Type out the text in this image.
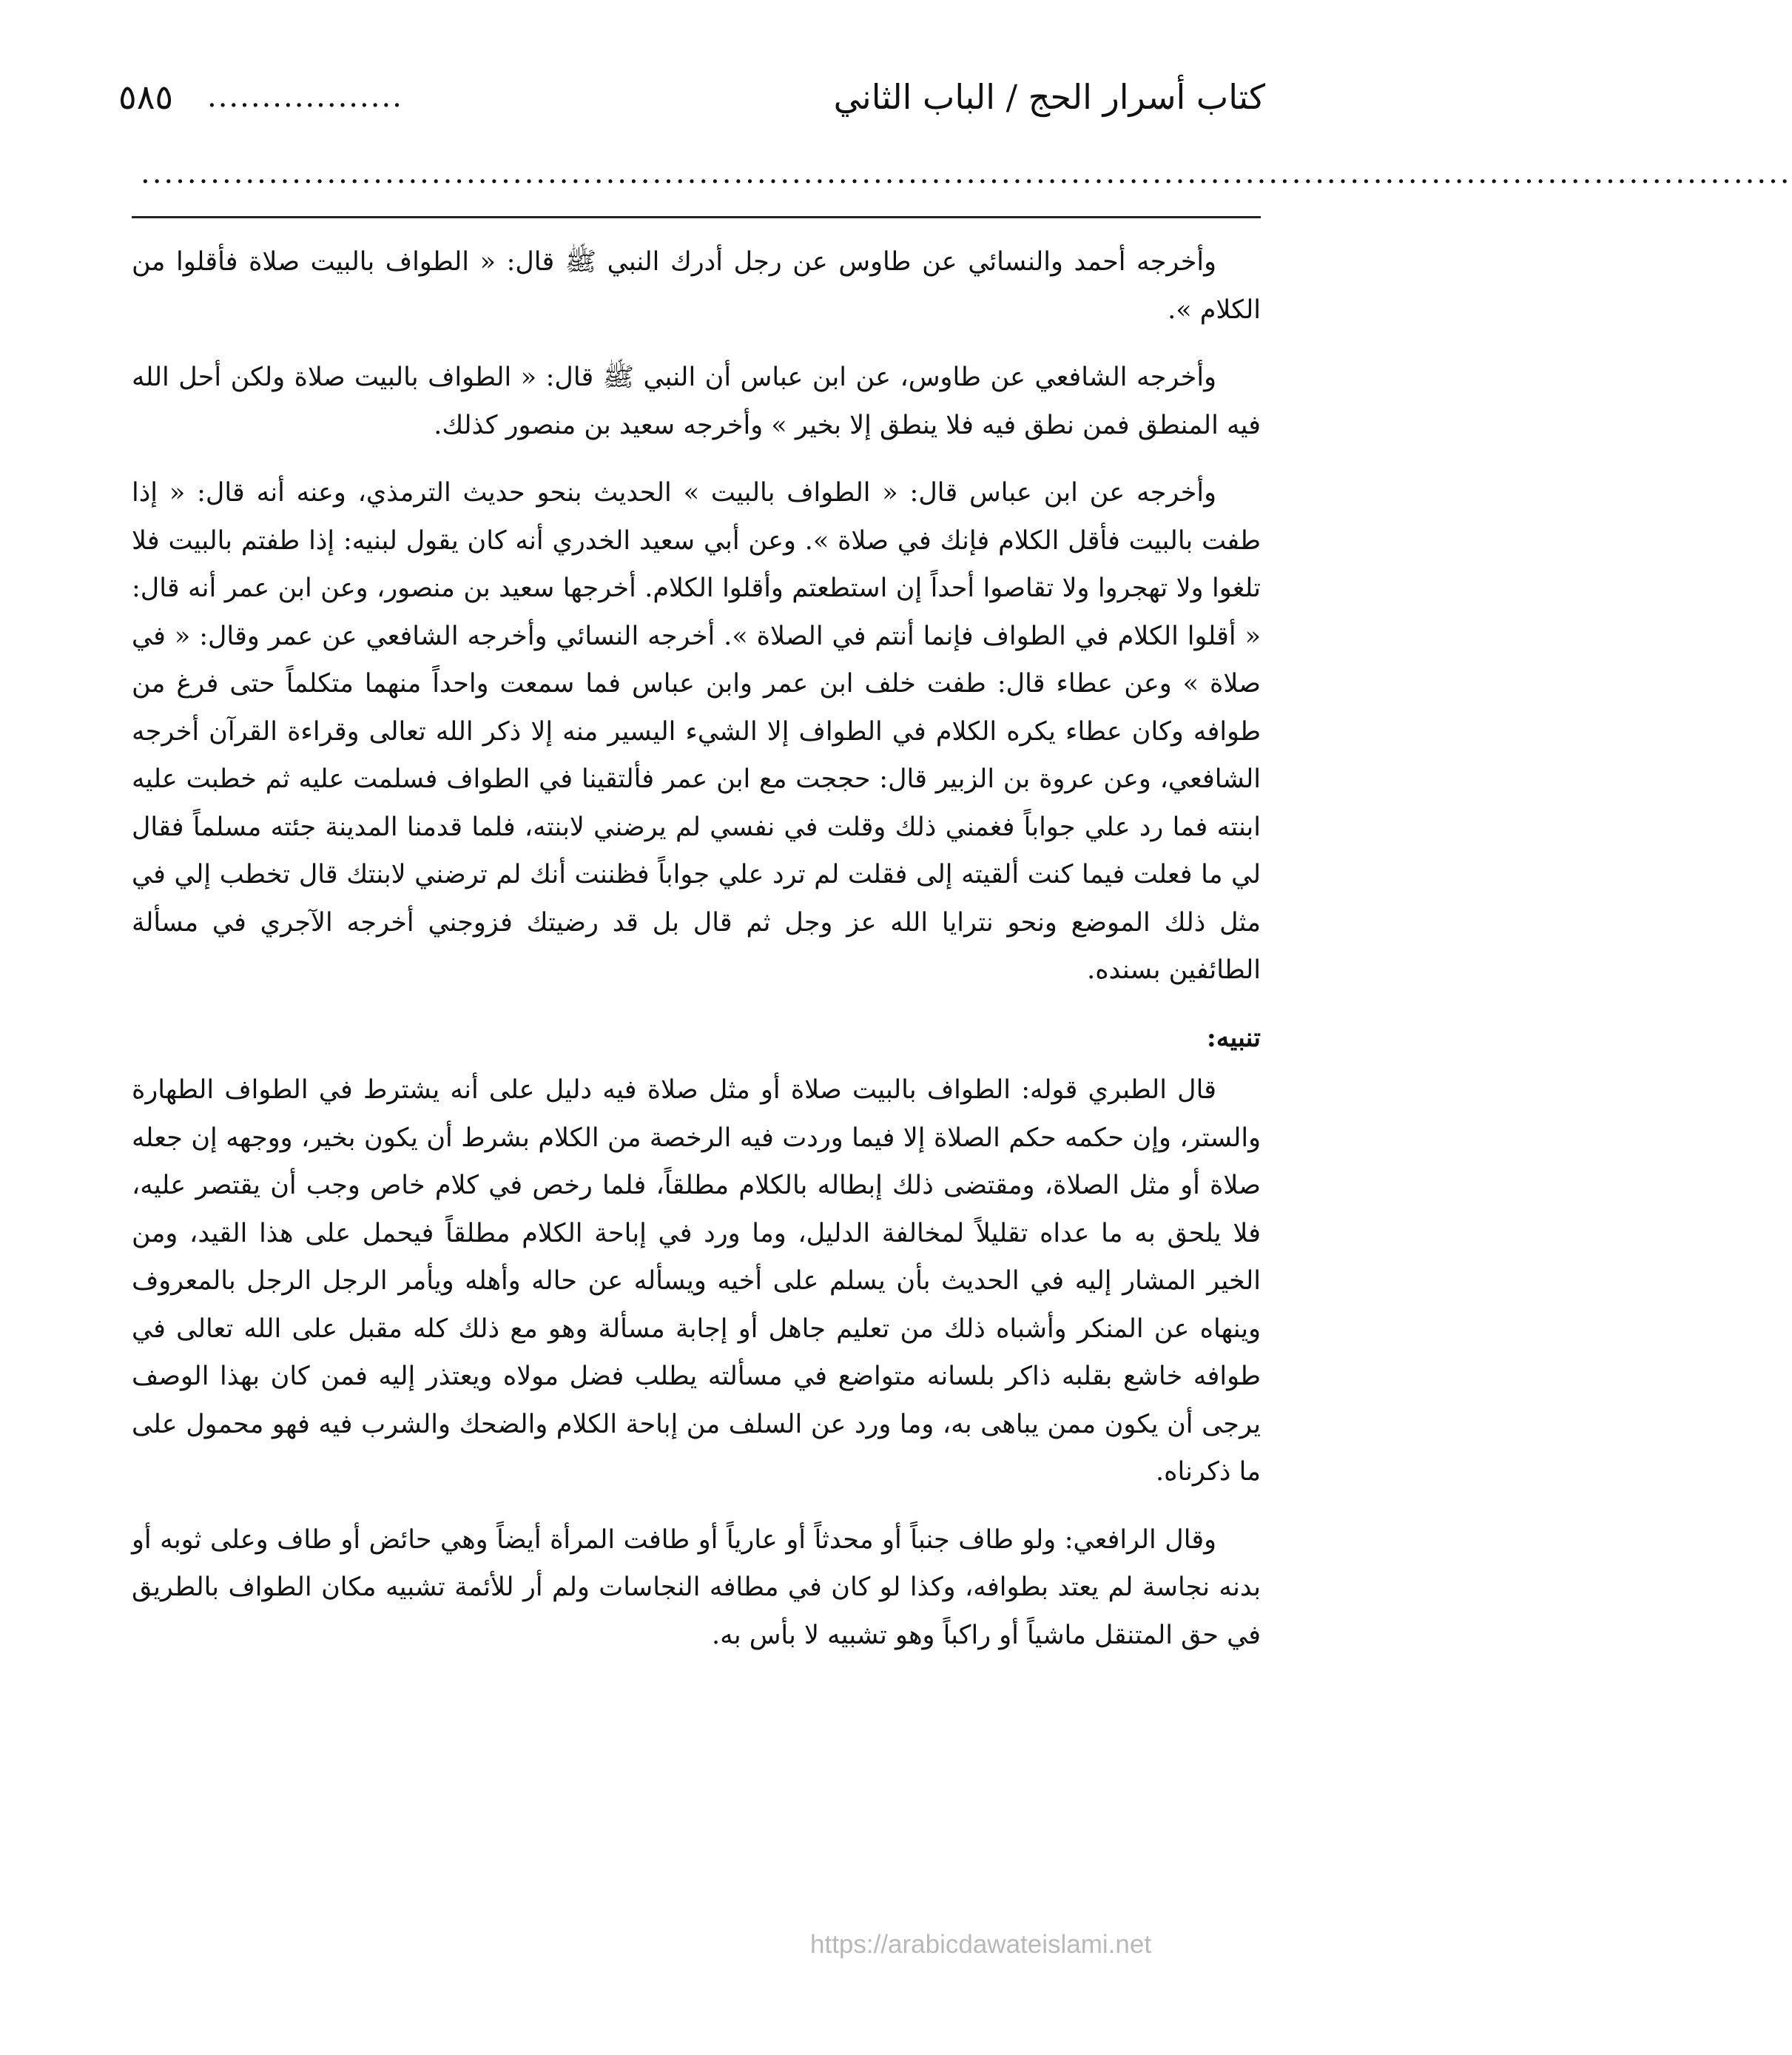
كتاب أسرار الحج / الباب الثاني
..................
٥٨٥
..............................................................................................................................................

وأخرجه أحمد والنسائي عن طاوس عن رجل أدرك النبي ﷺ قال: « الطواف بالبيت صلاة فأقلوا من الكلام ».

وأخرجه الشافعي عن طاوس، عن ابن عباس أن النبي ﷺ قال: « الطواف بالبيت صلاة ولكن أحل الله فيه المنطق فمن نطق فيه فلا ينطق إلا بخير » وأخرجه سعيد بن منصور كذلك.

وأخرجه عن ابن عباس قال: « الطواف بالبيت » الحديث بنحو حديث الترمذي، وعنه أنه قال: « إذا طفت بالبيت فأقل الكلام فإنك في صلاة ». وعن أبي سعيد الخدري أنه كان يقول لبنيه: إذا طفتم بالبيت فلا تلغوا ولا تهجروا ولا تقاصوا أحداً إن استطعتم وأقلوا الكلام. أخرجها سعيد بن منصور، وعن ابن عمر أنه قال: « أقلوا الكلام في الطواف فإنما أنتم في الصلاة ». أخرجه النسائي وأخرجه الشافعي عن عمر وقال: « في صلاة » وعن عطاء قال: طفت خلف ابن عمر وابن عباس فما سمعت واحداً منهما متكلماً حتى فرغ من طوافه وكان عطاء يكره الكلام في الطواف إلا الشيء اليسير منه إلا ذكر الله تعالى وقراءة القرآن أخرجه الشافعي، وعن عروة بن الزبير قال: حججت مع ابن عمر فألتقينا في الطواف فسلمت عليه ثم خطبت عليه ابنته فما رد علي جواباً فغمني ذلك وقلت في نفسي لم يرضني لابنته، فلما قدمنا المدينة جئته مسلماً فقال لي ما فعلت فيما كنت ألقيته إلى فقلت لم ترد علي جواباً فظننت أنك لم ترضني لابنتك قال تخطب إلي في مثل ذلك الموضع ونحو نترايا الله عز وجل ثم قال بل قد رضيتك فزوجني أخرجه الآجري في مسألة الطائفين بسنده.

تنبيه:

قال الطبري قوله: الطواف بالبيت صلاة أو مثل صلاة فيه دليل على أنه يشترط في الطواف الطهارة والستر، وإن حكمه حكم الصلاة إلا فيما وردت فيه الرخصة من الكلام بشرط أن يكون بخير، ووجهه إن جعله صلاة أو مثل الصلاة، ومقتضى ذلك إبطاله بالكلام مطلقاً، فلما رخص في كلام خاص وجب أن يقتصر عليه، فلا يلحق به ما عداه تقليلاً لمخالفة الدليل، وما ورد في إباحة الكلام مطلقاً فيحمل على هذا القيد، ومن الخير المشار إليه في الحديث بأن يسلم على أخيه ويسأله عن حاله وأهله ويأمر الرجل الرجل بالمعروف وينهاه عن المنكر وأشباه ذلك من تعليم جاهل أو إجابة مسألة وهو مع ذلك كله مقبل على الله تعالى في طوافه خاشع بقلبه ذاكر بلسانه متواضع في مسألته يطلب فضل مولاه ويعتذر إليه فمن كان بهذا الوصف يرجى أن يكون ممن يباهى به، وما ورد عن السلف من إباحة الكلام والضحك والشرب فيه فهو محمول على ما ذكرناه.

وقال الرافعي: ولو طاف جنباً أو محدثاً أو عارياً أو طافت المرأة أيضاً وهي حائض أو طاف وعلى ثوبه أو بدنه نجاسة لم يعتد بطوافه، وكذا لو كان في مطافه النجاسات ولم أر للأئمة تشبيه مكان الطواف بالطريق في حق المتنقل ماشياً أو راكباً وهو تشبيه لا بأس به.

https://arabicdawateislami.net
